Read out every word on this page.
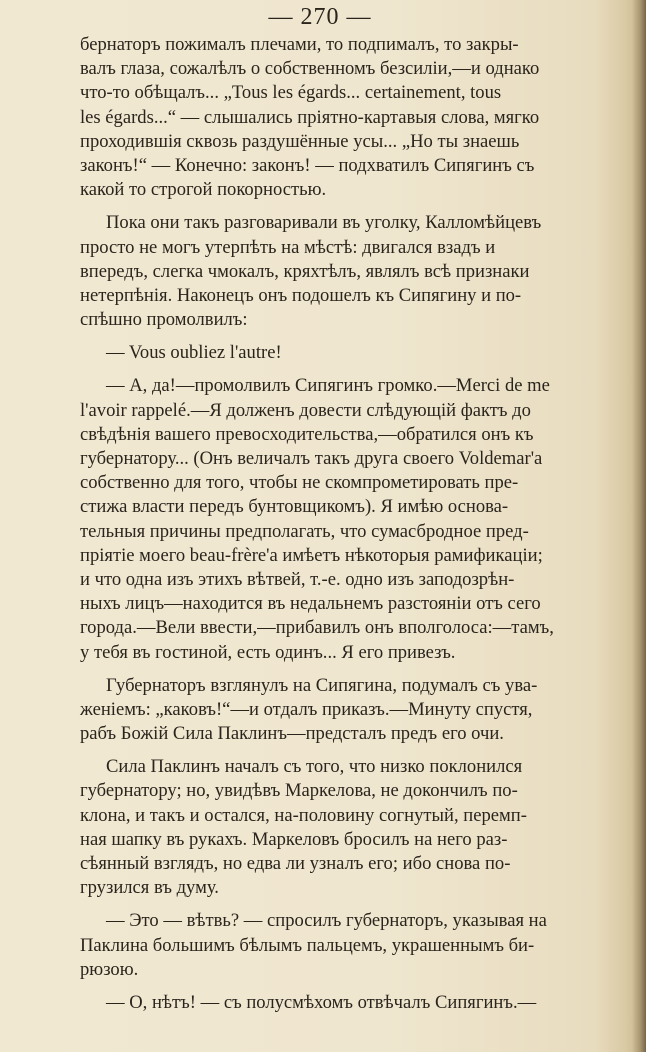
— 270 —
бернаторъ пожималъ плечами, то подпималъ, то закры-
валъ глаза, сожалѣлъ о собственномъ безсиліи,—и однако
что-то обѣщалъ... „Tous les égards... certainement, tous
les égards...“ — слышались пріятно-картавыя слова, мягко
проходившія сквозь раздушённые усы... „Но ты знаешь
законъ!“ — Конечно: законъ! — подхватилъ Сипягинъ съ
какой то строгой покорностью.
Пока они такъ разговаривали въ уголку, Калломѣйцевъ
просто не могъ утерпѣть на мѣстѣ: двигался взадъ и
впередъ, слегка чмокалъ, кряхтѣлъ, являлъ всѣ признаки
нетерпѣнія. Наконецъ онъ подошелъ къ Сипягину и по-
спѣшно промолвилъ:
— Vous oubliez l'autre!
— А, да!—промолвилъ Сипягинъ громко.—Merci de me
l'avoir rappelé.—Я долженъ довести слѣдующій фактъ до
свѣдѣнія вашего превосходительства,—обратился онъ къ
губернатору... (Онъ величалъ такъ друга своего Voldemar'а
собственно для того, чтобы не скомпрометировать пре-
стижа власти передъ бунтовщикомъ). Я имѣю основа-
тельныя причины предполагать, что сумасбродное пред-
пріятіе моего beau-frère'а имѣетъ нѣкоторыя рамификаціи;
и что одна изъ этихъ вѣтвей, т.-е. одно изъ заподозрѣн-
ныхъ лицъ—находится въ недальнемъ разстояніи отъ сего
города.—Вели ввести,—прибавилъ онъ вполголоса:—тамъ,
у тебя въ гостиной, есть одинъ... Я его привезъ.
Губернаторъ взглянулъ на Сипягина, подумалъ съ ува-
женіемъ: „каковъ!“—и отдалъ приказъ.—Минуту спустя,
рабъ Божій Сила Паклинъ—предсталъ предъ его очи.
Сила Паклинъ началъ съ того, что низко поклонился
губернатору; но, увидѣвъ Маркелова, не докончилъ по-
клона, и такъ и остался, на-половину согнутый, перемп-
ная шапку въ рукахъ. Маркеловъ бросилъ на него раз-
сѣянный взглядъ, но едва ли узналъ его; ибо снова по-
грузился въ думу.
— Это — вѣтвь? — спросилъ губернаторъ, указывая на
Паклина большимъ бѣлымъ пальцемъ, украшеннымъ би-
рюзою.
— О, нѣтъ! — съ полусмѣхомъ отвѣчалъ Сипягинъ.—
